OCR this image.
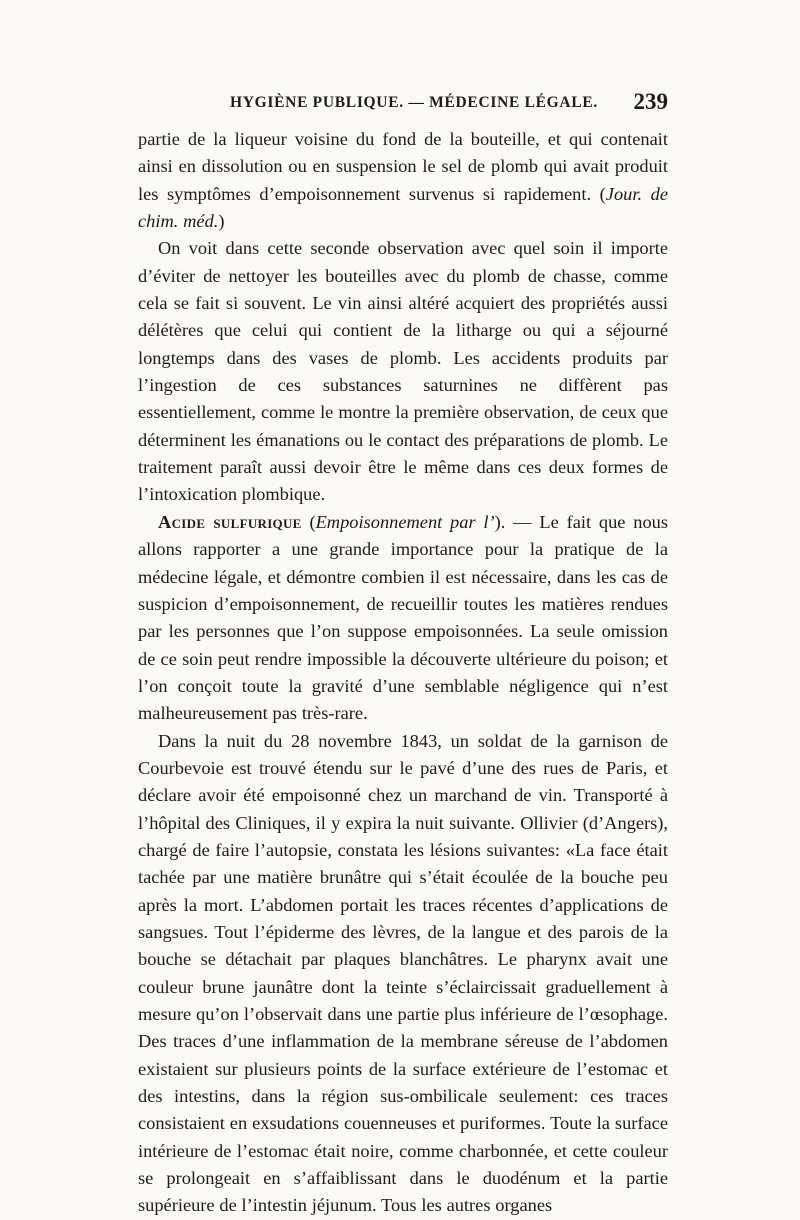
HYGIÈNE PUBLIQUE. — MÉDECINE LÉGALE. 239

partie de la liqueur voisine du fond de la bouteille, et qui contenait ainsi en dissolution ou en suspension le sel de plomb qui avait produit les symptômes d’empoisonnement survenus si rapidement. (Jour. de chim. méd.)

On voit dans cette seconde observation avec quel soin il importe d’éviter de nettoyer les bouteilles avec du plomb de chasse, comme cela se fait si souvent. Le vin ainsi altéré acquiert des propriétés aussi délétères que celui qui contient de la litharge ou qui a séjourné longtemps dans des vases de plomb. Les accidents produits par l’ingestion de ces substances saturnines ne diffèrent pas essentiellement, comme le montre la première observation, de ceux que déterminent les émanations ou le contact des préparations de plomb. Le traitement paraît aussi devoir être le même dans ces deux formes de l’intoxication plombique.

Acide sulfurique (Empoisonnement par l’). — Le fait que nous allons rapporter a une grande importance pour la pratique de la médecine légale, et démontre combien il est nécessaire, dans les cas de suspicion d’empoisonnement, de recueillir toutes les matières rendues par les personnes que l’on suppose empoisonnées. La seule omission de ce soin peut rendre impossible la découverte ultérieure du poison; et l’on conçoit toute la gravité d’une semblable négligence qui n’est malheureusement pas très-rare.

Dans la nuit du 28 novembre 1843, un soldat de la garnison de Courbevoie est trouvé étendu sur le pavé d’une des rues de Paris, et déclare avoir été empoisonné chez un marchand de vin. Transporté à l’hôpital des Cliniques, il y expira la nuit suivante. Ollivier (d’Angers), chargé de faire l’autopsie, constata les lésions suivantes: «La face était tachée par une matière brunâtre qui s’était écoulée de la bouche peu après la mort. L’abdomen portait les traces récentes d’applications de sangsues. Tout l’épiderme des lèvres, de la langue et des parois de la bouche se détachait par plaques blanchâtres. Le pharynx avait une couleur brune jaunâtre dont la teinte s’éclaircissait graduellement à mesure qu’on l’observait dans une partie plus inférieure de l’œsophage. Des traces d’une inflammation de la membrane séreuse de l’abdomen existaient sur plusieurs points de la surface extérieure de l’estomac et des intestins, dans la région sus-ombilicale seulement: ces traces consistaient en exsudations couenneuses et puriformes. Toute la surface intérieure de l’estomac était noire, comme charbonnée, et cette couleur se prolongeait en s’affaiblissant dans le duodénum et la partie supérieure de l’intestin jéjunum. Tous les autres organes
